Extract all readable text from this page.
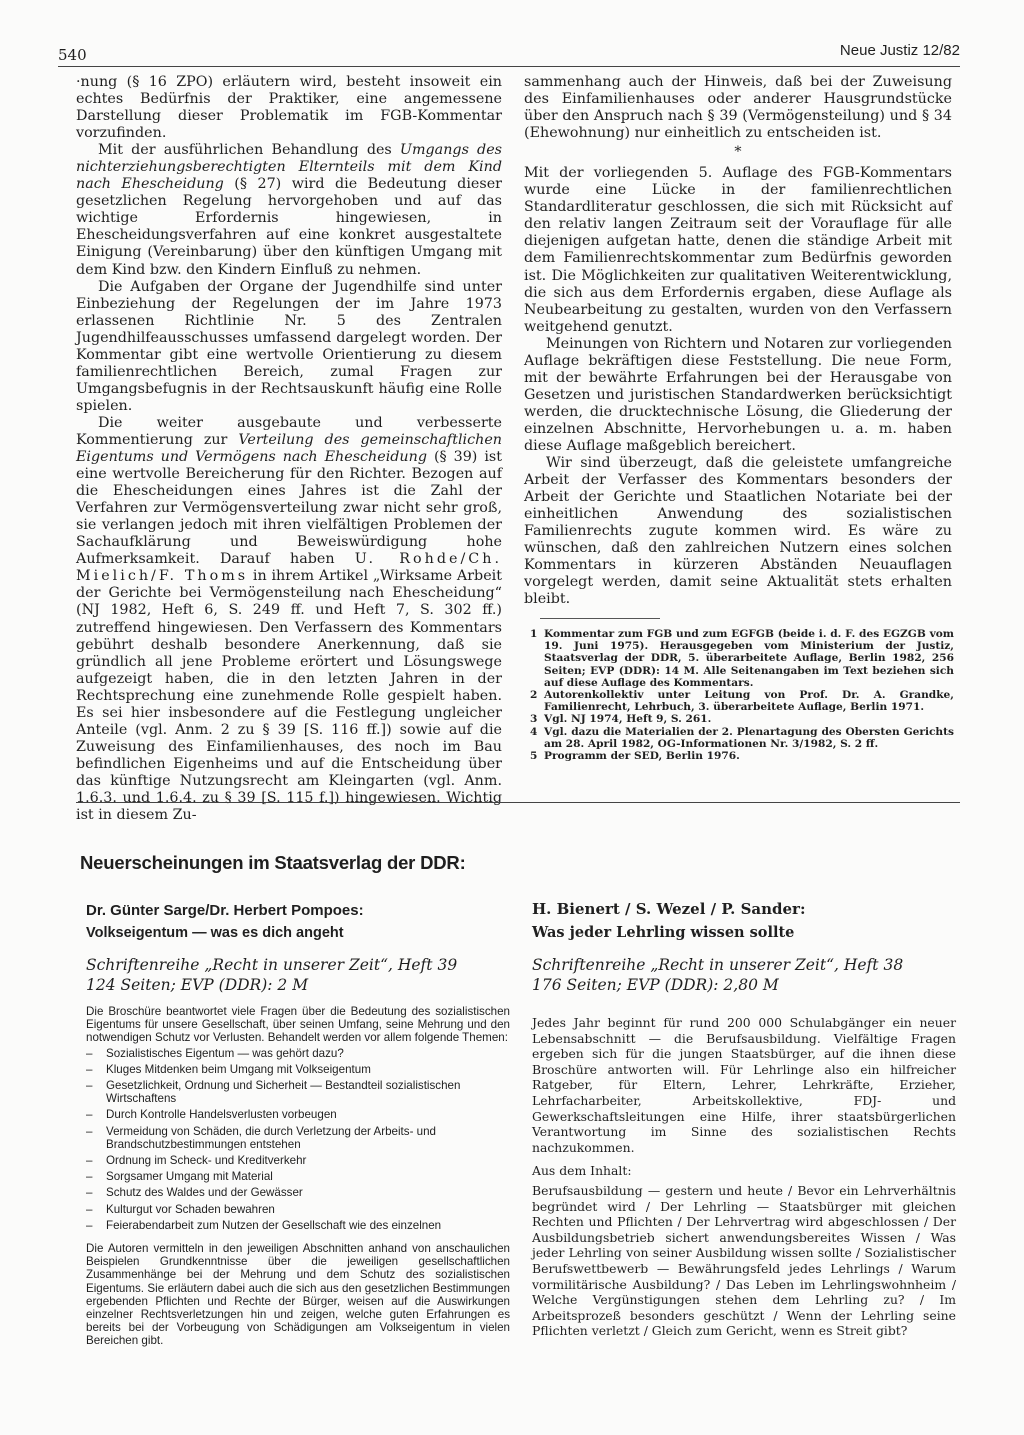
540	Neue Justiz 12/82

·nung (§ 16 ZPO) erläutern wird, besteht insoweit ein echtes Bedürfnis der Praktiker, eine angemessene Darstellung dieser Problematik im FGB-Kommentar vorzufinden.

Mit der ausführlichen Behandlung des Umgangs des nichterziehungsberechtigten Elternteils mit dem Kind nach Ehescheidung (§ 27) wird die Bedeutung dieser gesetzlichen Regelung hervorgehoben und auf das wichtige Erfordernis hingewiesen, in Ehescheidungsverfahren auf eine konkret ausgestaltete Einigung (Vereinbarung) über den künftigen Umgang mit dem Kind bzw. den Kindern Einfluß zu nehmen.

Die Aufgaben der Organe der Jugendhilfe sind unter Einbeziehung der Regelungen der im Jahre 1973 erlassenen Richtlinie Nr. 5 des Zentralen Jugendhilfeausschusses umfassend dargelegt worden. Der Kommentar gibt eine wertvolle Orientierung zu diesem familienrechtlichen Bereich, zumal Fragen zur Umgangsbefugnis in der Rechtsauskunft häufig eine Rolle spielen.

Die weiter ausgebaute und verbesserte Kommentierung zur Verteilung des gemeinschaftlichen Eigentums und Vermögens nach Ehescheidung (§ 39) ist eine wertvolle Bereicherung für den Richter. Bezogen auf die Ehescheidungen eines Jahres ist die Zahl der Verfahren zur Vermögensverteilung zwar nicht sehr groß, sie verlangen jedoch mit ihren vielfältigen Problemen der Sachaufklärung und Beweiswürdigung hohe Aufmerksamkeit. Darauf haben U. Rohde/Ch. Mielich/F. Thoms in ihrem Artikel „Wirksame Arbeit der Gerichte bei Vermögensteilung nach Ehescheidung“ (NJ 1982, Heft 6, S. 249 ff. und Heft 7, S. 302 ff.) zutreffend hingewiesen. Den Verfassern des Kommentars gebührt deshalb besondere Anerkennung, daß sie gründlich all jene Probleme erörtert und Lösungswege aufgezeigt haben, die in den letzten Jahren in der Rechtsprechung eine zunehmende Rolle gespielt haben. Es sei hier insbesondere auf die Festlegung ungleicher Anteile (vgl. Anm. 2 zu § 39 [S. 116 ff.]) sowie auf die Zuweisung des Einfamilienhauses, des noch im Bau befindlichen Eigenheims und auf die Entscheidung über das künftige Nutzungsrecht am Kleingarten (vgl. Anm. 1.6.3. und 1.6.4. zu § 39 [S. 115 f.]) hingewiesen. Wichtig ist in diesem Zu-

sammenhang auch der Hinweis, daß bei der Zuweisung des Einfamilienhauses oder anderer Hausgrundstücke über den Anspruch nach § 39 (Vermögensteilung) und § 34 (Ehewohnung) nur einheitlich zu entscheiden ist.

*

Mit der vorliegenden 5. Auflage des FGB-Kommentars wurde eine Lücke in der familienrechtlichen Standardliteratur geschlossen, die sich mit Rücksicht auf den relativ langen Zeitraum seit der Vorauflage für alle diejenigen aufgetan hatte, denen die ständige Arbeit mit dem Familienrechtskommentar zum Bedürfnis geworden ist. Die Möglichkeiten zur qualitativen Weiterentwicklung, die sich aus dem Erfordernis ergaben, diese Auflage als Neubearbeitung zu gestalten, wurden von den Verfassern weitgehend genutzt.

Meinungen von Richtern und Notaren zur vorliegenden Auflage bekräftigen diese Feststellung. Die neue Form, mit der bewährte Erfahrungen bei der Herausgabe von Gesetzen und juristischen Standardwerken berücksichtigt werden, die drucktechnische Lösung, die Gliederung der einzelnen Abschnitte, Hervorhebungen u. a. m. haben diese Auflage maßgeblich bereichert.

Wir sind überzeugt, daß die geleistete umfangreiche Arbeit der Verfasser des Kommentars besonders der Arbeit der Gerichte und Staatlichen Notariate bei der einheitlichen Anwendung des sozialistischen Familienrechts zugute kommen wird. Es wäre zu wünschen, daß den zahlreichen Nutzern eines solchen Kommentars in kürzeren Abständen Neuauflagen vorgelegt werden, damit seine Aktualität stets erhalten bleibt.

1 Kommentar zum FGB und zum EGFGB (beide i. d. F. des EGZGB vom 19. Juni 1975). Herausgegeben vom Ministerium der Justiz, Staatsverlag der DDR, 5. überarbeitete Auflage, Berlin 1982, 256 Seiten; EVP (DDR): 14 M. Alle Seitenangaben im Text beziehen sich auf diese Auflage des Kommentars.
2 Autorenkollektiv unter Leitung von Prof. Dr. A. Grandke, Familienrecht, Lehrbuch, 3. überarbeitete Auflage, Berlin 1971.
3 Vgl. NJ 1974, Heft 9, S. 261.
4 Vgl. dazu die Materialien der 2. Plenartagung des Obersten Gerichts am 28. April 1982, OG-Informationen Nr. 3/1982, S. 2 ff.
5 Programm der SED, Berlin 1976.
Neuerscheinungen im Staatsverlag der DDR:
Dr. Günter Sarge/Dr. Herbert Pompoes:
Volkseigentum — was es dich angeht
Schriftenreihe „Recht in unserer Zeit“, Heft 39
124 Seiten; EVP (DDR): 2 M
Die Broschüre beantwortet viele Fragen über die Bedeutung des sozialistischen Eigentums für unsere Gesellschaft, über seinen Umfang, seine Mehrung und den notwendigen Schutz vor Verlusten. Behandelt werden vor allem folgende Themen:
–	Sozialistisches Eigentum — was gehört dazu?
–	Kluges Mitdenken beim Umgang mit Volkseigentum
–	Gesetzlichkeit, Ordnung und Sicherheit — Bestandteil sozialistischen Wirtschaftens
–	Durch Kontrolle Handelsverlusten vorbeugen
–	Vermeidung von Schäden, die durch Verletzung der Arbeits- und Brandschutzbestimmungen entstehen
–	Ordnung im Scheck- und Kreditverkehr
–	Sorgsamer Umgang mit Material
–	Schutz des Waldes und der Gewässer
–	Kulturgut vor Schaden bewahren
–	Feierabendarbeit zum Nutzen der Gesellschaft wie des einzelnen
Die Autoren vermitteln in den jeweiligen Abschnitten anhand von anschaulichen Beispielen Grundkenntnisse über die jeweiligen gesellschaftlichen Zusammenhänge bei der Mehrung und dem Schutz des sozialistischen Eigentums. Sie erläutern dabei auch die sich aus den gesetzlichen Bestimmungen ergebenden Pflichten und Rechte der Bürger, weisen auf die Auswirkungen einzelner Rechtsverletzungen hin und zeigen, welche guten Erfahrungen es bereits bei der Vorbeugung von Schädigungen am Volkseigentum in vielen Bereichen gibt.
H. Bienert / S. Wezel / P. Sander:
Was jeder Lehrling wissen sollte
Schriftenreihe „Recht in unserer Zeit“, Heft 38
176 Seiten; EVP (DDR): 2,80 M
Jedes Jahr beginnt für rund 200 000 Schulabgänger ein neuer Lebensabschnitt — die Berufsausbildung. Vielfältige Fragen ergeben sich für die jungen Staatsbürger, auf die ihnen diese Broschüre antworten will. Für Lehrlinge also ein hilfreicher Ratgeber, für Eltern, Lehrer, Lehrkräfte, Erzieher, Lehrfacharbeiter, Arbeitskollektive, FDJ- und Gewerkschaftsleitungen eine Hilfe, ihrer staatsbürgerlichen Verantwortung im Sinne des sozialistischen Rechts nachzukommen.
Aus dem Inhalt:
Berufsausbildung — gestern und heute / Bevor ein Lehrverhältnis begründet wird / Der Lehrling — Staatsbürger mit gleichen Rechten und Pflichten / Der Lehrvertrag wird abgeschlossen / Der Ausbildungsbetrieb sichert anwendungsbereites Wissen / Was jeder Lehrling von seiner Ausbildung wissen sollte / Sozialistischer Berufswettbewerb — Bewährungsfeld jedes Lehrlings / Warum vormilitärische Ausbildung? / Das Leben im Lehrlingswohnheim / Welche Vergünstigungen stehen dem Lehrling zu? / Im Arbeitsprozeß besonders geschützt / Wenn der Lehrling seine Pflichten verletzt / Gleich zum Gericht, wenn es Streit gibt?
